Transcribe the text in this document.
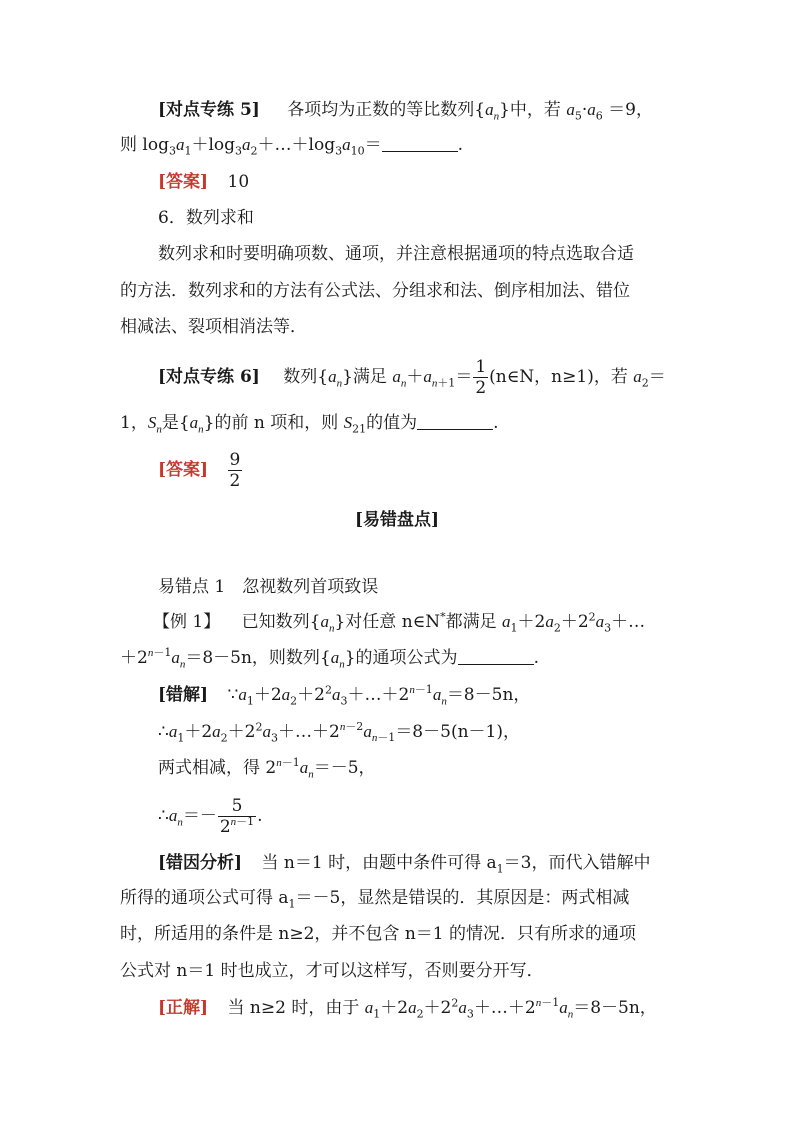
[对点专练 5] 各项均为正数的等比数列$\{a_n\}$中，若 $a_5\cdot a_6 =9$，
则 $\log_3a_1+\log_3a_2+\dots+\log_3a_{10}=$	.
[答案] 10
6．数列求和
数列求和时要明确项数、通项，并注意根据通项的特点选取合适
的方法．数列求和的方法有公式法、分组求和法、倒序相加法、错位
相减法、裂项相消法等．
[对点专练 6] 数列$\{a_n\}$满足 $a_n+a_{n+1}= \frac{1}{2}$ (n∈N，n≥1)，若 $a_2=$
1，$S_n$是$\{a_n\}$的前 n 项和，则 $S_{21}$的值为	.
[答案] $\frac{9}{2}$
[易错盘点]
易错点 1　忽视数列首项致误
【例 1】 已知数列$\{a_n\}$对任意 n∈N*都满足 $a_1+2a_2+2^2a_3+\dots$
$+2^{n-1}a_n=8-5n$，则数列$\{a_n\}$的通项公式为	.
[错解] $\because a_1+2a_2+2^2a_3+\dots+2^{n-1}a_n=8-5n$，
$\therefore a_1+2a_2+2^2a_3+\dots+2^{n-2}a_{n-1}=8-5(n-1)$，
两式相减，得 $2^{n-1}a_n=-5$，
$\therefore a_n=- \frac{5}{2^{n-1}}$ .
[错因分析] 当 n＝1 时，由题中条件可得 $a_1=3$，而代入错解中
所得的通项公式可得 $a_1=-5$，显然是错误的．其原因是：两式相减
时，所适用的条件是 n≥2，并不包含 n＝1 的情况．只有所求的通项
公式对 n＝1 时也成立，才可以这样写，否则要分开写．
[正解] 当 n≥2 时，由于 $a_1+2a_2+2^2a_3+\dots+2^{n-1}a_n=8-5n$，
